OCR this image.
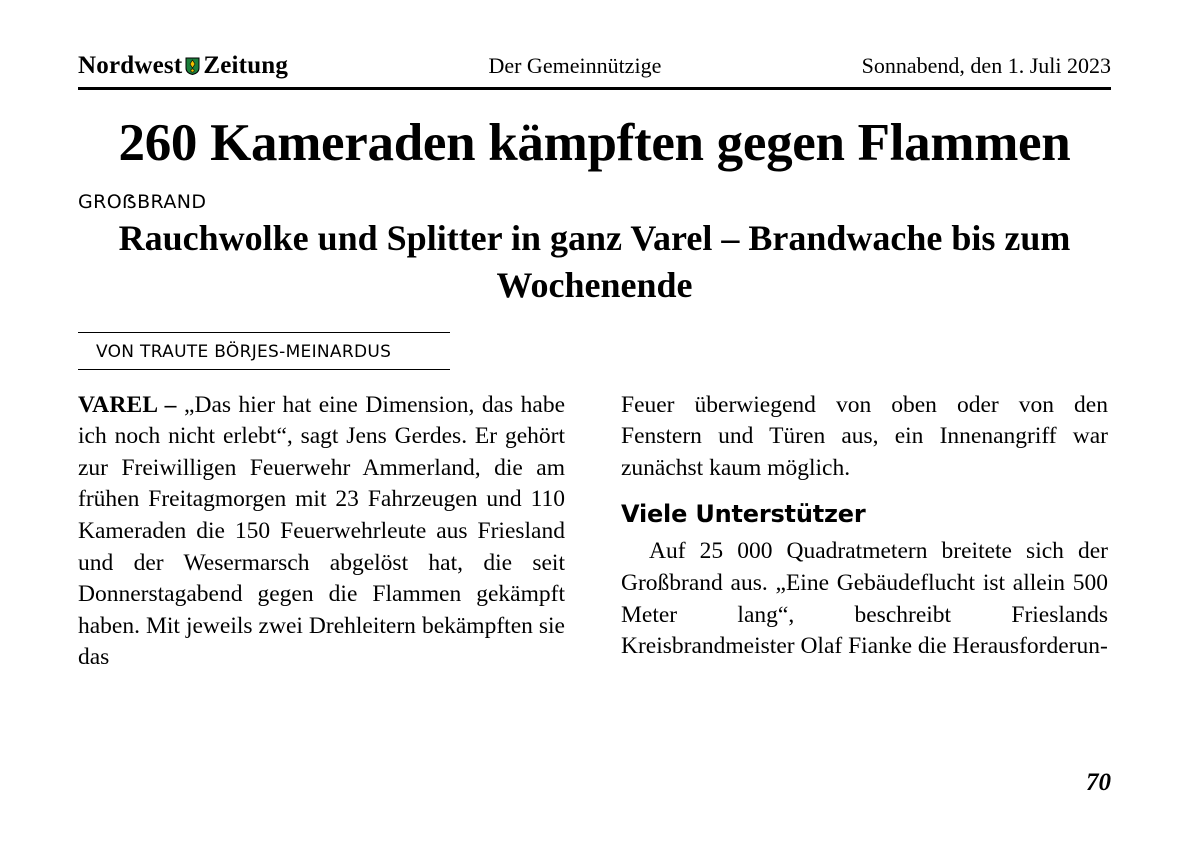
Nordwest Zeitung	Der Gemeinnützige	Sonnabend, den 1. Juli 2023
260 Kameraden kämpften gegen Flammen
GROẞBRAND
Rauchwolke und Splitter in ganz Varel – Brandwache bis zum Wochenende
VON TRAUTE BÖRJES-MEINARDUS

VAREL – „Das hier hat eine Dimension, das habe ich noch nicht erlebt“, sagt Jens Gerdes. Er gehört zur Freiwilligen Feuerwehr Ammerland, die am frühen Freitagmorgen mit 23 Fahrzeugen und 110 Kameraden die 150 Feuerwehrleute aus Friesland und der Wesermarsch abgelöst hat, die seit Donnerstagabend gegen die Flammen gekämpft haben. Mit jeweils zwei Drehleitern bekämpften sie das

Feuer überwiegend von oben oder von den Fenstern und Türen aus, ein Innenangriff war zunächst kaum möglich.

Viele Unterstützer

Auf 25 000 Quadratmetern breitete sich der Großbrand aus. „Eine Gebäudeflucht ist allein 500 Meter lang“, beschreibt Frieslands Kreisbrandmeister Olaf Fianke die Herausforderun-

70
